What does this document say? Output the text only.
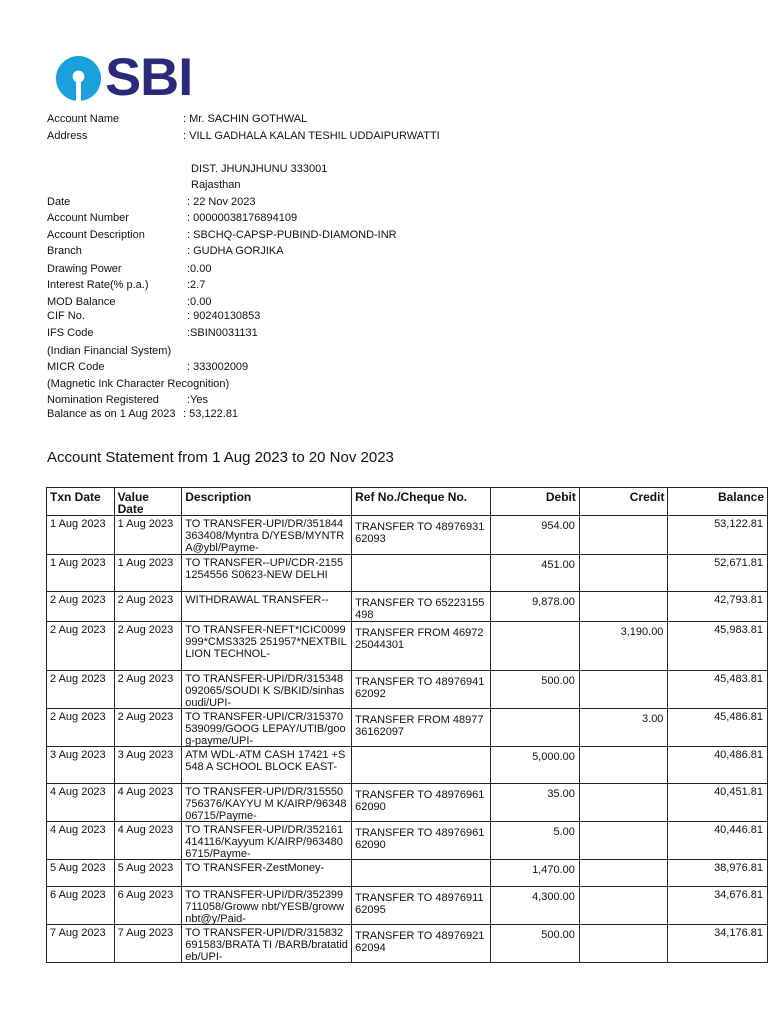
SBI
Account Name	: Mr. SACHIN GOTHWAL
Address	: VILL GADHALA KALAN TESHIL UDDAIPURWATTI
DIST. JHUNJHUNU 333001
Rajasthan
Date	: 22 Nov 2023
Account Number	: 00000038176894109
Account Description	: SBCHQ-CAPSP-PUBIND-DIAMOND-INR
Branch	: GUDHA GORJIKA
Drawing Power	:0.00
Interest Rate(% p.a.)	:2.7
MOD Balance	:0.00
CIF No.	: 90240130853
IFS Code	:SBIN0031131
(Indian Financial System)
MICR Code	: 333002009
(Magnetic Ink Character Recognition)
Nomination Registered	:Yes
Balance as on 1 Aug 2023 : 53,122.81
Account Statement from 1 Aug 2023 to 20 Nov 2023
Txn Date	Value Date	Description	Ref No./Cheque No.	Debit	Credit	Balance

1 Aug 2023	1 Aug 2023	TO TRANSFER-UPI/DR/351844363408/Myntra D/YESB/MYNTRA@ybl/Payme-	TRANSFER TO 4897693162093	954.00		53,122.81

1 Aug 2023	1 Aug 2023	TO TRANSFER--UPI/CDR-21551254556 S0623-NEW DELHI		451.00		52,671.81

2 Aug 2023	2 Aug 2023	WITHDRAWAL TRANSFER--	TRANSFER TO 65223155498	9,878.00		42,793.81

2 Aug 2023	2 Aug 2023	TO TRANSFER-NEFT*ICIC0099999*CMS3325 251957*NEXTBILLION TECHNOL-	TRANSFER FROM 4697225044301		3,190.00	45,983.81

2 Aug 2023	2 Aug 2023	TO TRANSFER-UPI/DR/315348092065/SOUDI K S/BKID/sinhasoudi/UPI-	TRANSFER TO 4897694162092	500.00		45,483.81

2 Aug 2023	2 Aug 2023	TO TRANSFER-UPI/CR/315370539099/GOOG LEPAY/UTIB/goog-payme/UPI-	TRANSFER FROM 4897736162097		3.00	45,486.81

3 Aug 2023	3 Aug 2023	ATM WDL-ATM CASH 17421 +S 548 A SCHOOL BLOCK EAST-		5,000.00		40,486.81

4 Aug 2023	4 Aug 2023	TO TRANSFER-UPI/DR/315550756376/KAYYU M K/AIRP/9634806715/Payme-	TRANSFER TO 4897696162090	35.00		40,451.81

4 Aug 2023	4 Aug 2023	TO TRANSFER-UPI/DR/352161414116/Kayyum K/AIRP/9634806715/Payme-	TRANSFER TO 4897696162090	5.00		40,446.81

5 Aug 2023	5 Aug 2023	TO TRANSFER-ZestMoney-		1,470.00		38,976.81

6 Aug 2023	6 Aug 2023	TO TRANSFER-UPI/DR/352399711058/Groww nbt/YESB/growwnbt@y/Paid-	TRANSFER TO 4897691162095	4,300.00		34,676.81

7 Aug 2023	7 Aug 2023	TO TRANSFER-UPI/DR/315832691583/BRATA TI /BARB/bratatideb/UPI-	TRANSFER TO 4897692162094	500.00		34,176.81
